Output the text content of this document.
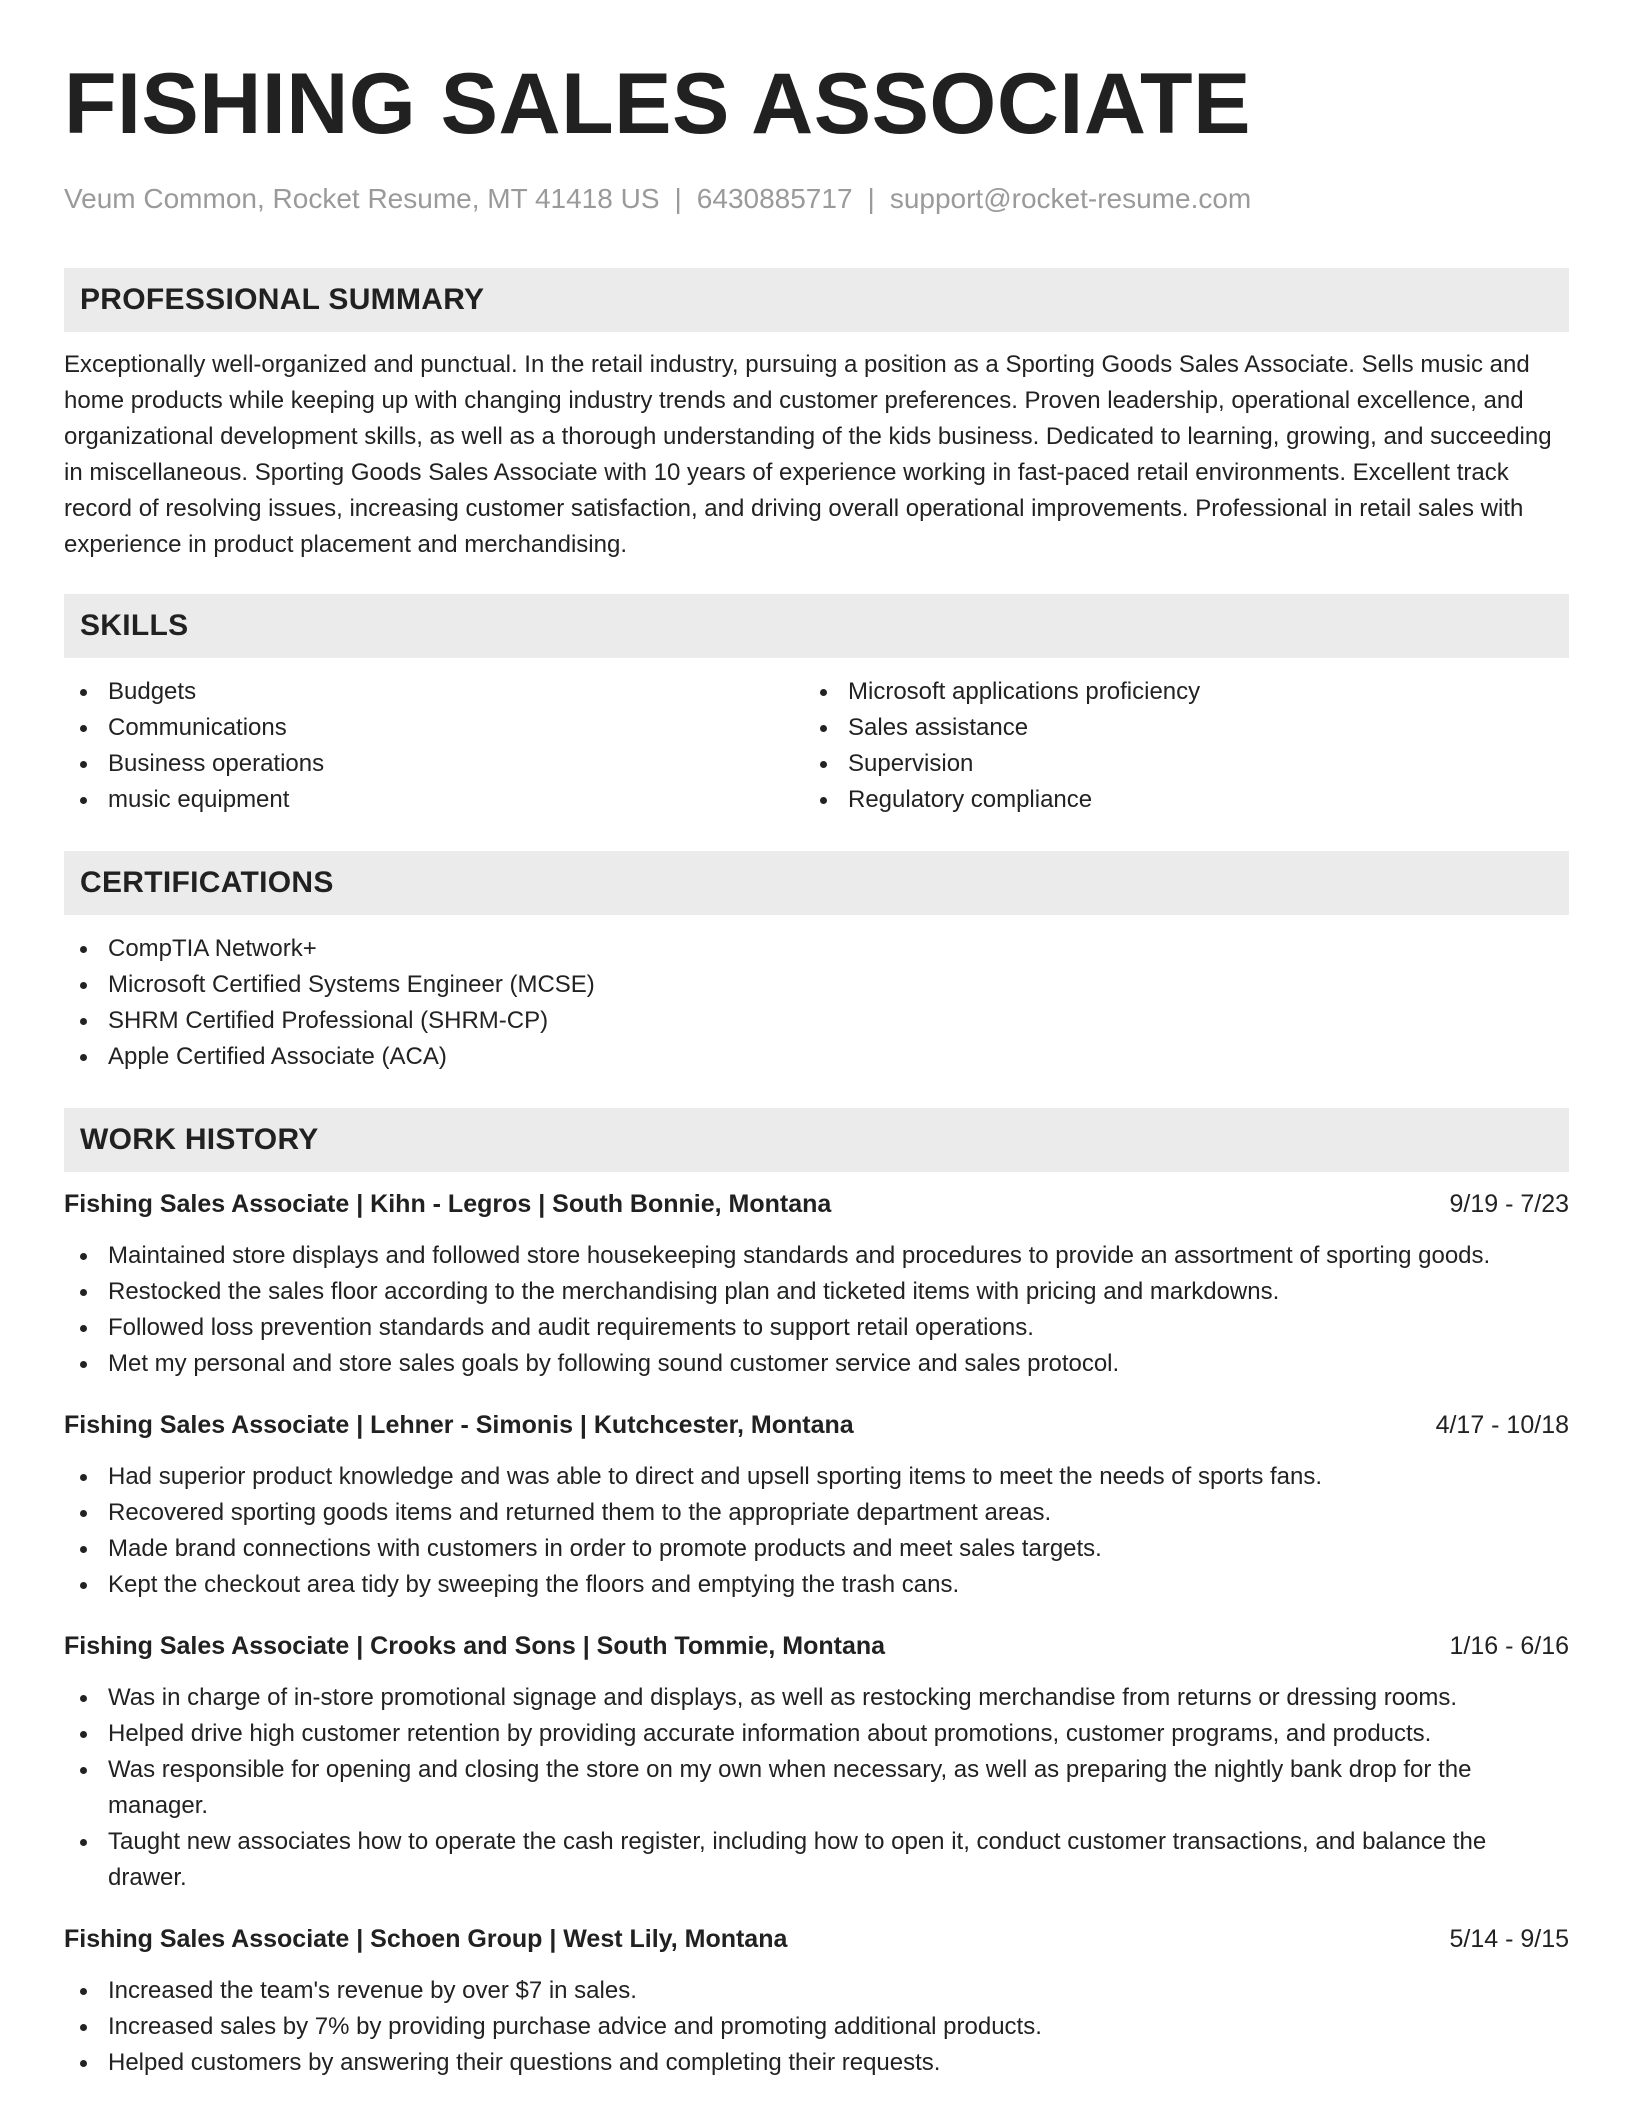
FISHING SALES ASSOCIATE
Veum Common, Rocket Resume, MT 41418 US | 6430885717 | support@rocket-resume.com
PROFESSIONAL SUMMARY

Exceptionally well-organized and punctual. In the retail industry, pursuing a position as a Sporting Goods Sales Associate. Sells music and home products while keeping up with changing industry trends and customer preferences. Proven leadership, operational excellence, and organizational development skills, as well as a thorough understanding of the kids business. Dedicated to learning, growing, and succeeding in miscellaneous. Sporting Goods Sales Associate with 10 years of experience working in fast-paced retail environments. Excellent track record of resolving issues, increasing customer satisfaction, and driving overall operational improvements. Professional in retail sales with experience in product placement and merchandising.

SKILLS
Budgets
Communications
Business operations
music equipment
Microsoft applications proficiency
Sales assistance
Supervision
Regulatory compliance
CERTIFICATIONS
CompTIA Network+
Microsoft Certified Systems Engineer (MCSE)
SHRM Certified Professional (SHRM-CP)
Apple Certified Associate (ACA)
WORK HISTORY
Fishing Sales Associate | Kihn - Legros | South Bonnie, Montana	9/19 - 7/23
Maintained store displays and followed store housekeeping standards and procedures to provide an assortment of sporting goods.
Restocked the sales floor according to the merchandising plan and ticketed items with pricing and markdowns.
Followed loss prevention standards and audit requirements to support retail operations.
Met my personal and store sales goals by following sound customer service and sales protocol.
Fishing Sales Associate | Lehner - Simonis | Kutchcester, Montana	4/17 - 10/18
Had superior product knowledge and was able to direct and upsell sporting items to meet the needs of sports fans.
Recovered sporting goods items and returned them to the appropriate department areas.
Made brand connections with customers in order to promote products and meet sales targets.
Kept the checkout area tidy by sweeping the floors and emptying the trash cans.
Fishing Sales Associate | Crooks and Sons | South Tommie, Montana	1/16 - 6/16
Was in charge of in-store promotional signage and displays, as well as restocking merchandise from returns or dressing rooms.
Helped drive high customer retention by providing accurate information about promotions, customer programs, and products.
Was responsible for opening and closing the store on my own when necessary, as well as preparing the nightly bank drop for the manager.
Taught new associates how to operate the cash register, including how to open it, conduct customer transactions, and balance the drawer.
Fishing Sales Associate | Schoen Group | West Lily, Montana	5/14 - 9/15
Increased the team's revenue by over $7 in sales.
Increased sales by 7% by providing purchase advice and promoting additional products.
Helped customers by answering their questions and completing their requests.
